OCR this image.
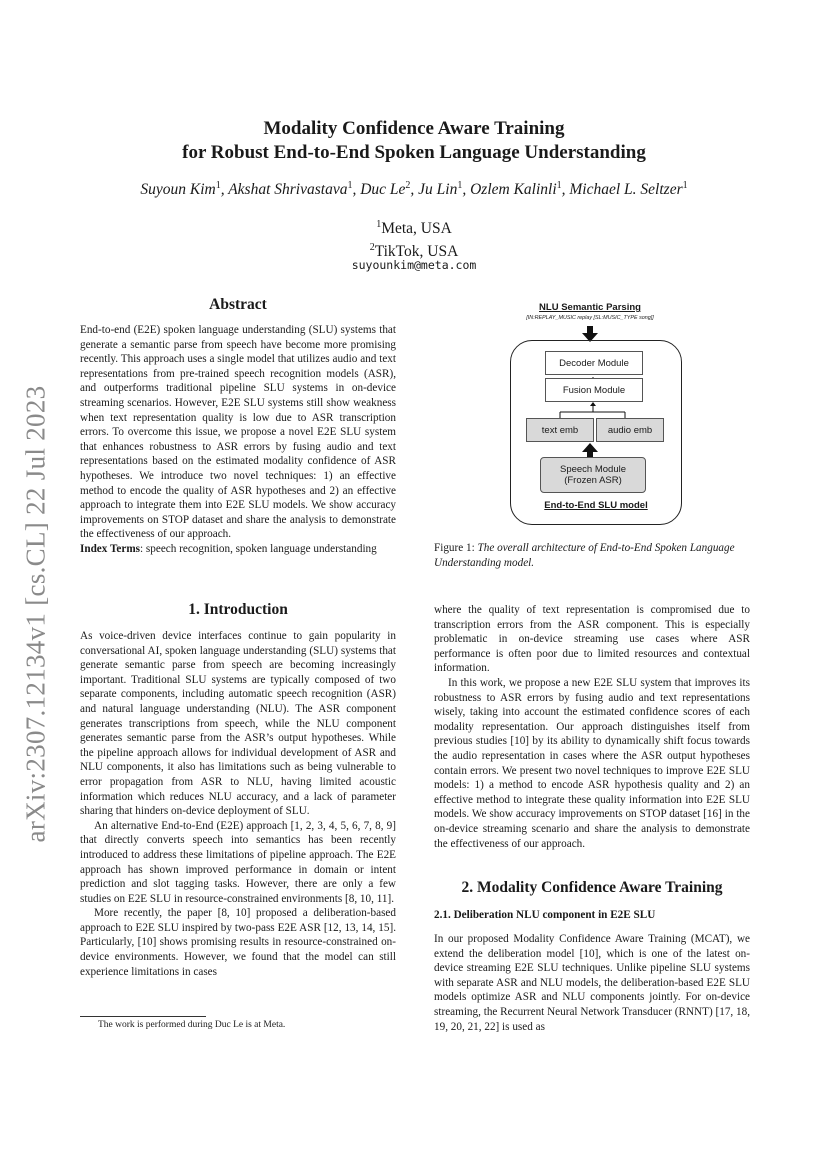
arXiv:2307.12134v1 [cs.CL] 22 Jul 2023
Modality Confidence Aware Training
for Robust End-to-End Spoken Language Understanding
Suyoun Kim$^1$, Akshat Shrivastava$^1$, Duc Le$^2$, Ju Lin$^1$, Ozlem Kalinli$^1$, Michael L. Seltzer$^1$
$^1$Meta, USA
$^2$TikTok, USA
suyounkim@meta.com
Abstract

End-to-end (E2E) spoken language understanding (SLU) systems that generate a semantic parse from speech have become more promising recently. This approach uses a single model that utilizes audio and text representations from pre-trained speech recognition models (ASR), and outperforms traditional pipeline SLU systems in on-device streaming scenarios. However, E2E SLU systems still show weakness when text representation quality is low due to ASR transcription errors. To overcome this issue, we propose a novel E2E SLU system that enhances robustness to ASR errors by fusing audio and text representations based on the estimated modality confidence of ASR hypotheses. We introduce two novel techniques: 1) an effective method to encode the quality of ASR hypotheses and 2) an effective approach to integrate them into E2E SLU models. We show accuracy improvements on STOP dataset and share the analysis to demonstrate the effectiveness of our approach.

Index Terms: speech recognition, spoken language understanding

1. Introduction

As voice-driven device interfaces continue to gain popularity in conversational AI, spoken language understanding (SLU) systems that generate semantic parse from speech are becoming increasingly important. Traditional SLU systems are typically composed of two separate components, including automatic speech recognition (ASR) and natural language understanding (NLU). The ASR component generates transcriptions from speech, while the NLU component generates semantic parse from the ASR’s output hypotheses. While the pipeline approach allows for individual development of ASR and NLU components, it also has limitations such as being vulnerable to error propagation from ASR to NLU, having limited acoustic information which reduces NLU accuracy, and a lack of parameter sharing that hinders on-device deployment of SLU.

An alternative End-to-End (E2E) approach [1, 2, 3, 4, 5, 6, 7, 8, 9] that directly converts speech into semantics has been recently introduced to address these limitations of pipeline approach. The E2E approach has shown improved performance in domain or intent prediction and slot tagging tasks. However, there are only a few studies on E2E SLU in resource-constrained environments [8, 10, 11].

More recently, the paper [8, 10] proposed a deliberation-based approach to E2E SLU inspired by two-pass E2E ASR [12, 13, 14, 15]. Particularly, [10] shows promising results in resource-constrained on-device environments. However, we found that the model can still experience limitations in cases

The work is performed during Duc Le is at Meta.
NLU Semantic Parsing
[IN:REPLAY_MUSIC replay [SL:MUSIC_TYPE song]]
Decoder Module
Fusion Module
text emb	audio emb
Speech Module
(Frozen ASR)
End-to-End SLU model
Figure 1: The overall architecture of End-to-End Spoken Language Understanding model.

where the quality of text representation is compromised due to transcription errors from the ASR component. This is especially problematic in on-device streaming use cases where ASR performance is often poor due to limited resources and contextual information.

In this work, we propose a new E2E SLU system that improves its robustness to ASR errors by fusing audio and text representations wisely, taking into account the estimated confidence scores of each modality representation. Our approach distinguishes itself from previous studies [10] by its ability to dynamically shift focus towards the audio representation in cases where the ASR output hypotheses contain errors. We present two novel techniques to improve E2E SLU models: 1) a method to encode ASR hypothesis quality and 2) an effective method to integrate these quality information into E2E SLU models. We show accuracy improvements on STOP dataset [16] in the on-device streaming scenario and share the analysis to demonstrate the effectiveness of our approach.

2. Modality Confidence Aware Training
2.1. Deliberation NLU component in E2E SLU

In our proposed Modality Confidence Aware Training (MCAT), we extend the deliberation model [10], which is one of the latest on-device streaming E2E SLU techniques. Unlike pipeline SLU systems with separate ASR and NLU models, the deliberation-based E2E SLU models optimize ASR and NLU components jointly. For on-device streaming, the Recurrent Neural Network Transducer (RNNT) [17, 18, 19, 20, 21, 22] is used as
